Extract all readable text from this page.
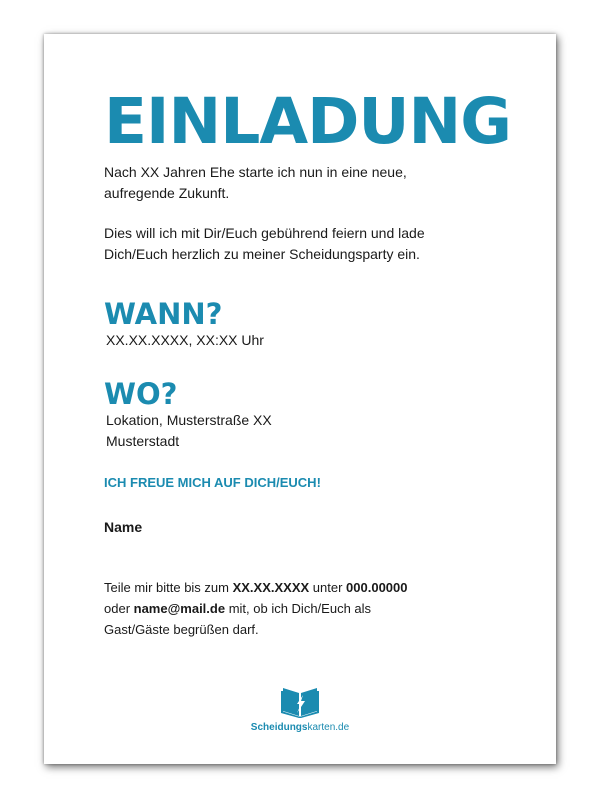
EINLADUNG

Nach XX Jahren Ehe starte ich nun in eine neue,
aufregende Zukunft.

Dies will ich mit Dir/Euch gebührend feiern und lade
Dich/Euch herzlich zu meiner Scheidungsparty ein.

WANN?

XX.XX.XXXX, XX:XX Uhr

WO?

Lokation, Musterstraße XX
Musterstadt

ICH FREUE MICH AUF DICH/EUCH!

Name

Teile mir bitte bis zum XX.XX.XXXX unter 000.00000
oder name@mail.de mit, ob ich Dich/Euch als
Gast/Gäste begrüßen darf.

Scheidungskarten.de
